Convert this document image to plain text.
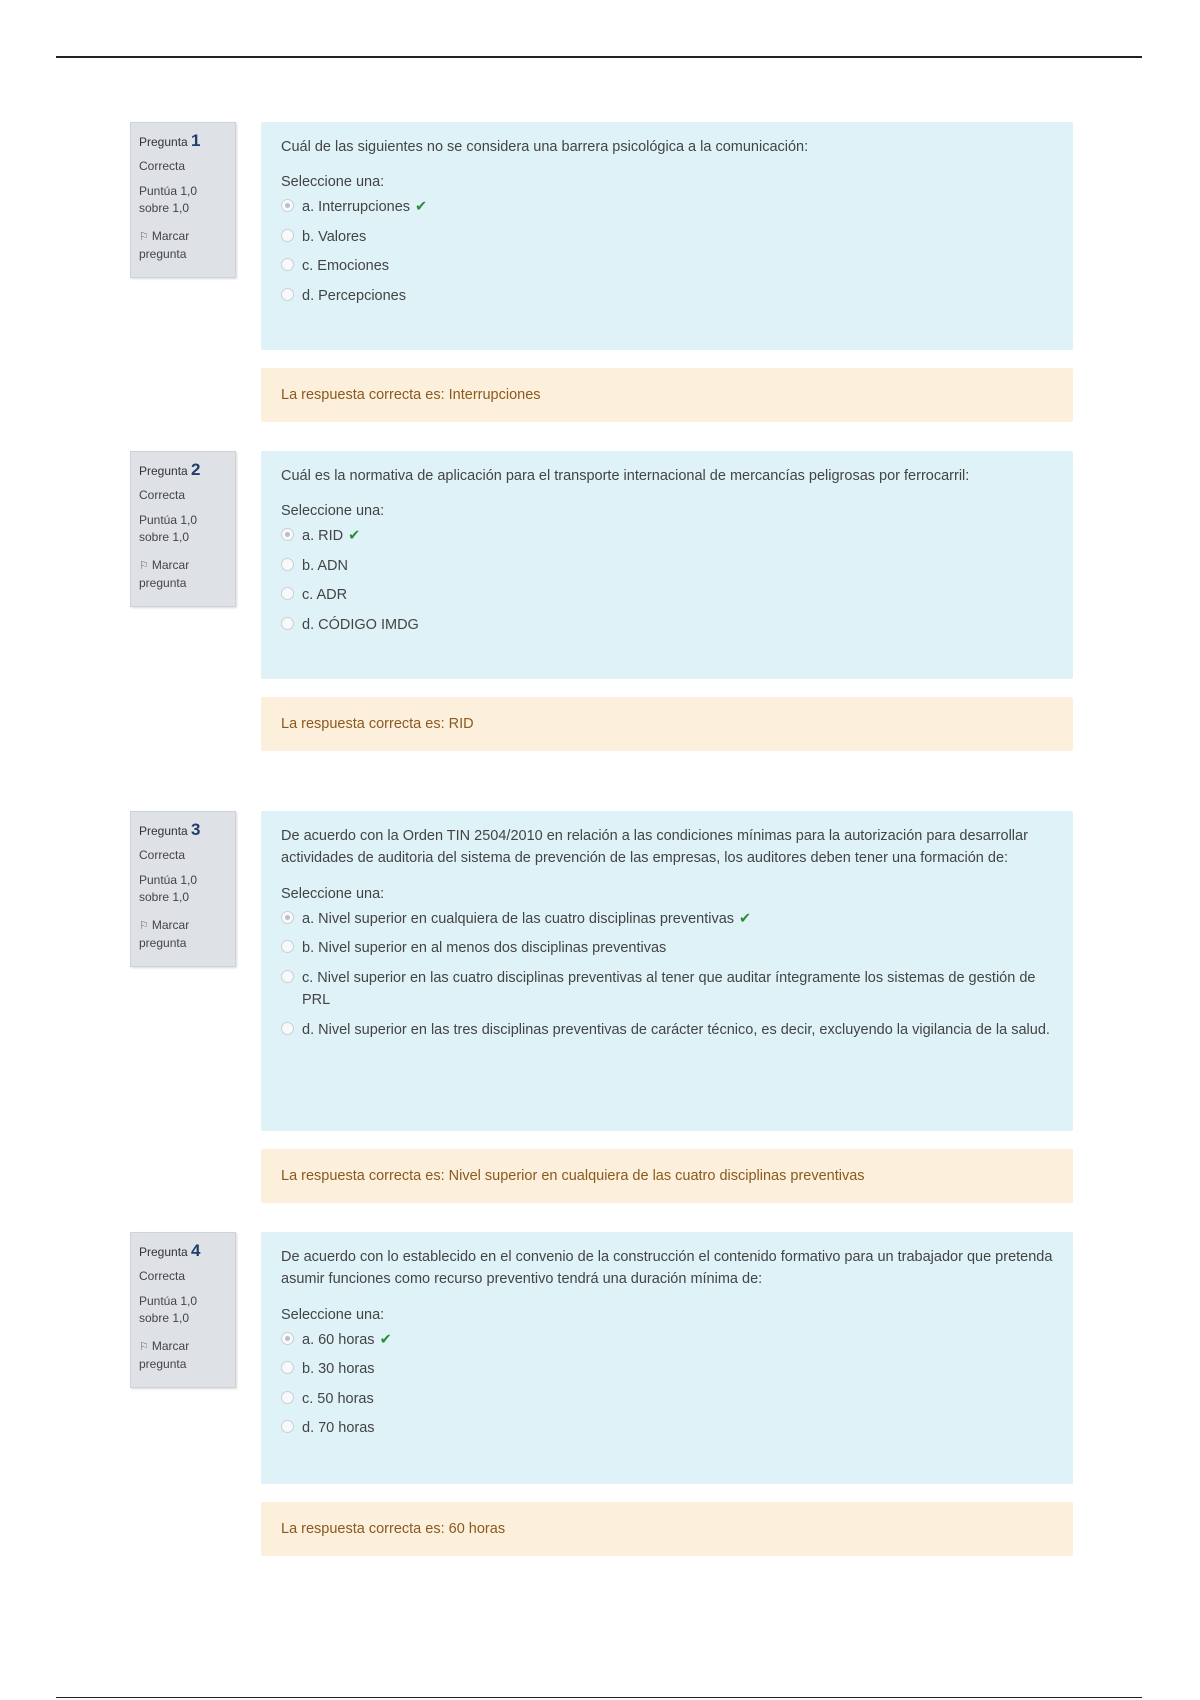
Pregunta 1
Correcta
Puntúa 1,0
sobre 1,0
⚐ Marcar
pregunta
Cuál de las siguientes no se considera una barrera psicológica a la comunicación:
Seleccione una:
a. Interrupciones ✔
b. Valores
c. Emociones
d. Percepciones
La respuesta correcta es: Interrupciones
Pregunta 2
Correcta
Puntúa 1,0
sobre 1,0
⚐ Marcar
pregunta
Cuál es la normativa de aplicación para el transporte internacional de mercancías peligrosas por ferrocarril:
Seleccione una:
a. RID ✔
b. ADN
c. ADR
d. CÓDIGO IMDG
La respuesta correcta es: RID
Pregunta 3
Correcta
Puntúa 1,0
sobre 1,0
⚐ Marcar
pregunta
De acuerdo con la Orden TIN 2504/2010 en relación a las condiciones mínimas para la autorización para desarrollar actividades de auditoria del sistema de prevención de las empresas, los auditores deben tener una formación de:
Seleccione una:
a. Nivel superior en cualquiera de las cuatro disciplinas preventivas ✔
b. Nivel superior en al menos dos disciplinas preventivas
c. Nivel superior en las cuatro disciplinas preventivas al tener que auditar íntegramente los sistemas de gestión de PRL
d. Nivel superior en las tres disciplinas preventivas de carácter técnico, es decir, excluyendo la vigilancia de la salud.
La respuesta correcta es: Nivel superior en cualquiera de las cuatro disciplinas preventivas
Pregunta 4
Correcta
Puntúa 1,0
sobre 1,0
⚐ Marcar
pregunta
De acuerdo con lo establecido en el convenio de la construcción el contenido formativo para un trabajador que pretenda asumir funciones como recurso preventivo tendrá una duración mínima de:
Seleccione una:
a. 60 horas ✔
b. 30 horas
c. 50 horas
d. 70 horas
La respuesta correcta es: 60 horas
